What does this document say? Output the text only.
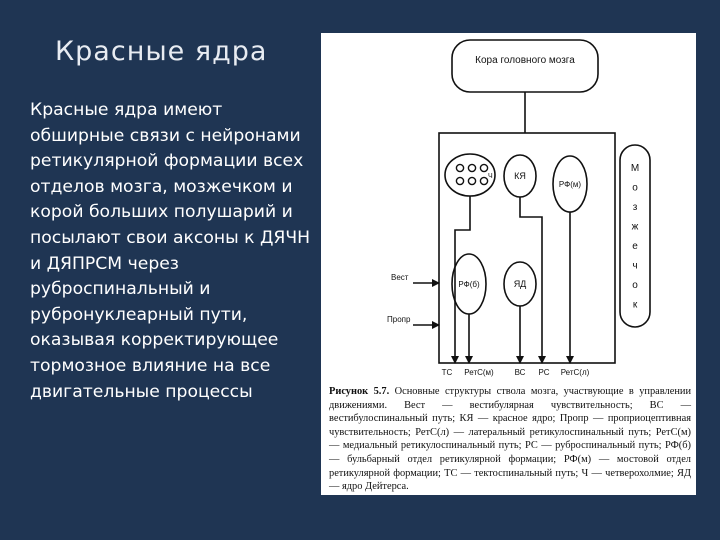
Красные ядра
Красные ядра имеют обширные связи с нейронами ретикулярной формации всех отделов мозга, мозжечком и корой больших полушарий и посылают свои аксоны к ДЯЧН и ДЯПРСМ через руброспинальный и рубронуклеарный пути, оказывая корректирующее тормозное влияние на все двигательные процессы
Кора головного мозга
Ч КЯ
РФ(м)
РФ(б)	ЯД
Вест
Пропр
М
о
з
ж
е
ч
о
к
ТС РетС(м)	ВС РС РетС(л)
Рисунок 5.7. Основные структуры ствола мозга, участвующие в управлении движениями. Вест — вестибулярная чувствительность; ВС — вестибулоспинальный путь; КЯ — красное ядро; Пропр — проприоцептивная чувствительность; РетС(л) — латеральный ретикулоспинальный путь; РетС(м) — медиальный ретикулоспинальный путь; РС — руброспинальный путь; РФ(б) — бульбарный отдел ретикулярной формации; РФ(м) — мостовой отдел ретикулярной формации; ТС — тектоспинальный путь; Ч — четверохолмие; ЯД — ядро Дейтерса.
